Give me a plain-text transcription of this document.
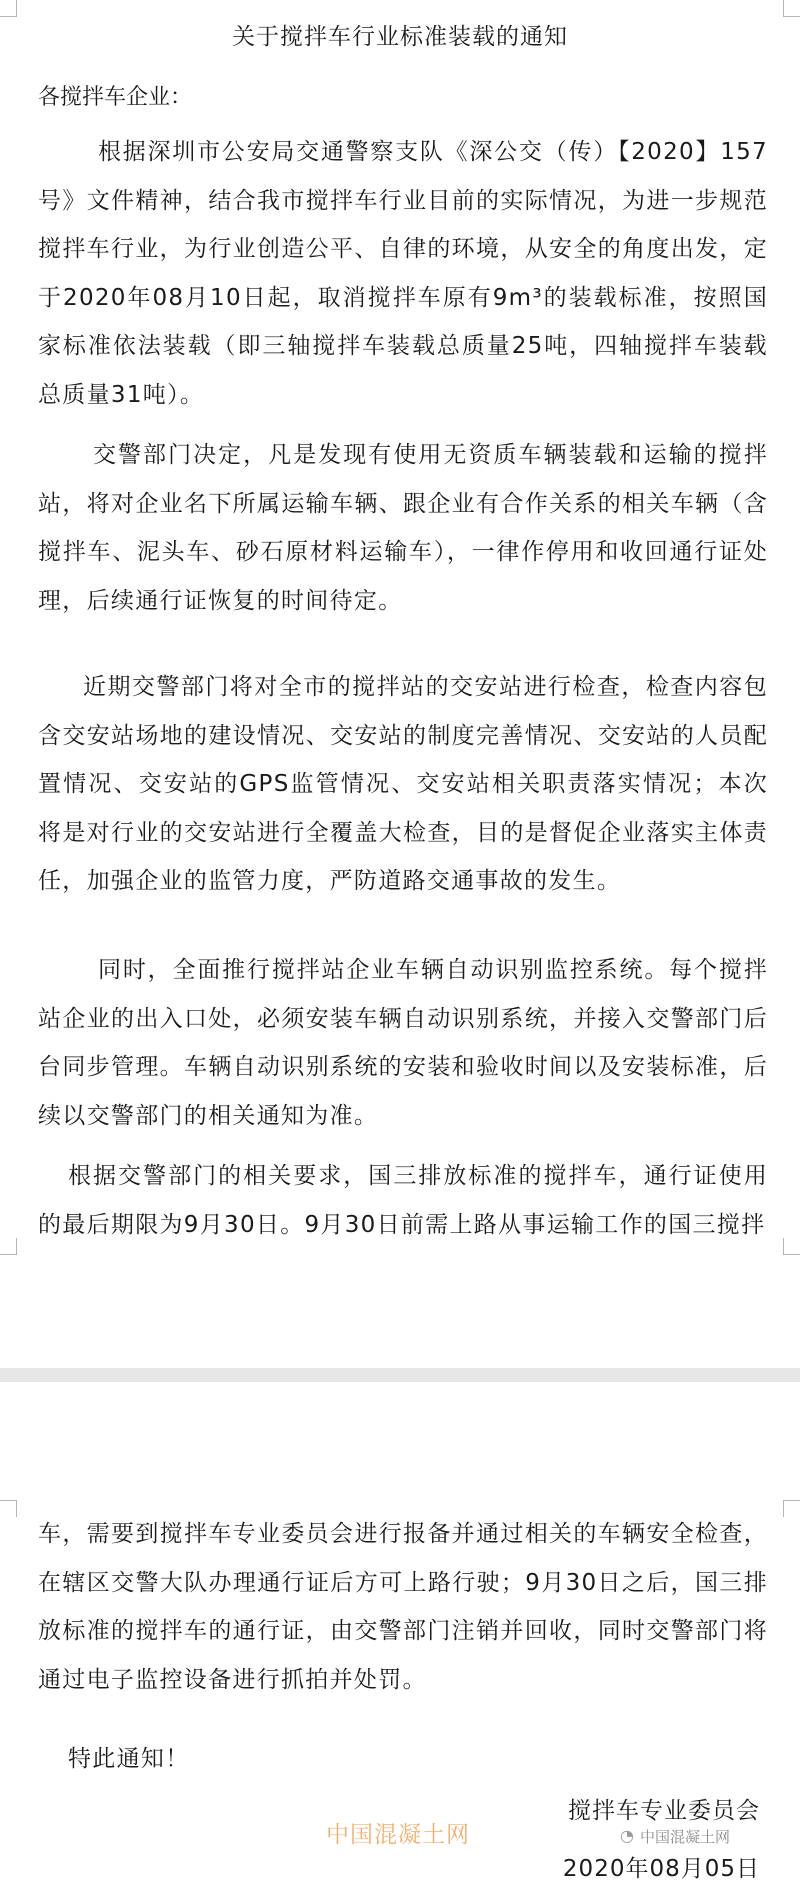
关于搅拌车行业标准装载的通知
各搅拌车企业：

根据深圳市公安局交通警察支队《深公交（传）【2020】157号》文件精神，结合我市搅拌车行业目前的实际情况，为进一步规范搅拌车行业，为行业创造公平、自律的环境，从安全的角度出发，定于2020年08月10日起，取消搅拌车原有9m³的装载标准，按照国家标准依法装载（即三轴搅拌车装载总质量25吨，四轴搅拌车装载总质量31吨）。

交警部门决定，凡是发现有使用无资质车辆装载和运输的搅拌站，将对企业名下所属运输车辆、跟企业有合作关系的相关车辆（含搅拌车、泥头车、砂石原材料运输车），一律作停用和收回通行证处理，后续通行证恢复的时间待定。

近期交警部门将对全市的搅拌站的交安站进行检查，检查内容包含交安站场地的建设情况、交安站的制度完善情况、交安站的人员配置情况、交安站的GPS监管情况、交安站相关职责落实情况；本次将是对行业的交安站进行全覆盖大检查，目的是督促企业落实主体责任，加强企业的监管力度，严防道路交通事故的发生。

同时，全面推行搅拌站企业车辆自动识别监控系统。每个搅拌站企业的出入口处，必须安装车辆自动识别系统，并接入交警部门后台同步管理。车辆自动识别系统的安装和验收时间以及安装标准，后续以交警部门的相关通知为准。

根据交警部门的相关要求，国三排放标准的搅拌车，通行证使用的最后期限为9月30日。9月30日前需上路从事运输工作的国三搅拌

车，需要到搅拌车专业委员会进行报备并通过相关的车辆安全检查，在辖区交警大队办理通行证后方可上路行驶；9月30日之后，国三排放标准的搅拌车的通行证，由交警部门注销并回收，同时交警部门将通过电子监控设备进行抓拍并处罚。

特此通知！

搅拌车专业委员会
2020年08月05日
中国混凝土网	◔ 中国混凝土网
